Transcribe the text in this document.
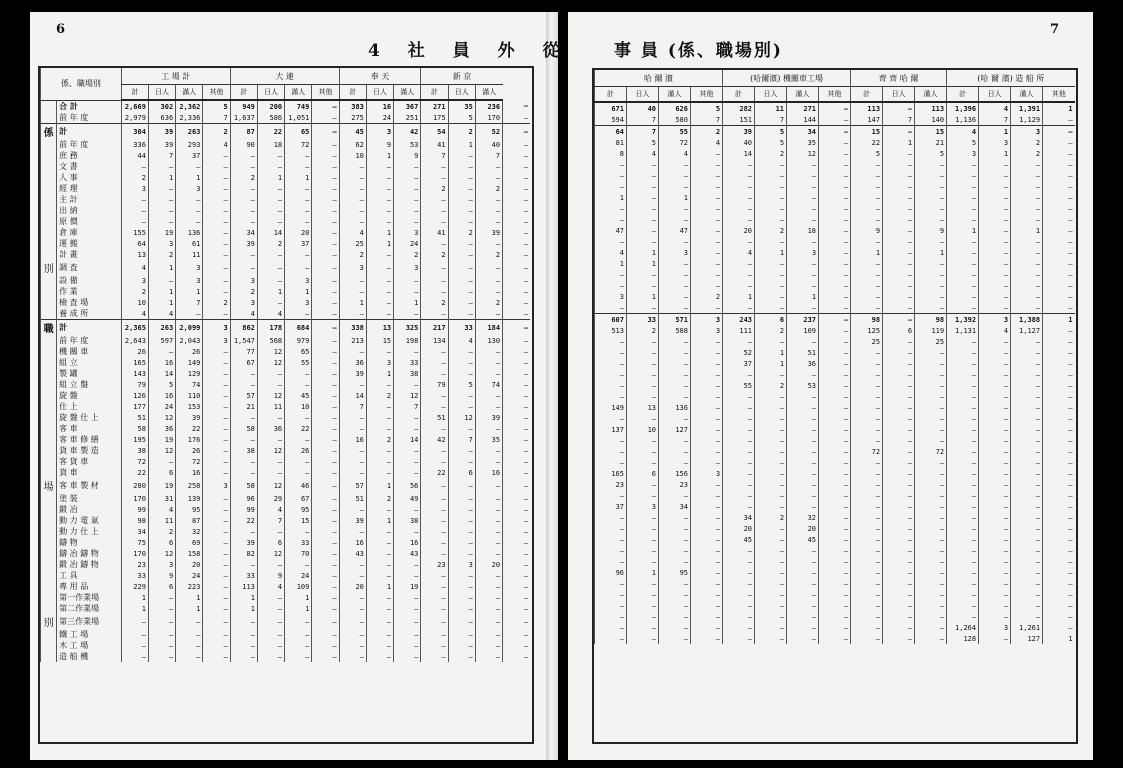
6
4 社 員 外 從
7
事 員 (係、職場別)
係、職場別		工 場 計				大 連				奉 天			新 京			
		計	日人	滿人	其他	計	日人	滿人	其他	計	日人	滿人	計	日人	滿人	
	合 計	2,669	302	2,362	5	949	200	749	—	383	16	367	271	35	236	—
	前 年 度	2,979	636	2,336	7	1,637	586	1,051	—	275	24	251	175	5	170	—
係	計	304	39	263	2	87	22	65	—	45	3	42	54	2	52	—
	前 年 度	336	39	293	4	90	18	72	—	62	9	53	41	1	40	—
	庶 務	44	7	37	—	—	—	—	—	10	1	9	7	—	7	—
	文 書	—	—	—	—	—	—	—	—	—	—	—	—	—	—	—
	人 事	2	1	1	—	2	1	1	—	—	—	—	—	—	—	—
	經 理	3	—	3	—	—	—	—	—	—	—	—	2	—	2	—
	主 計	—	—	—	—	—	—	—	—	—	—	—	—	—	—	—
	出 納	—	—	—	—	—	—	—	—	—	—	—	—	—	—	—
	原 價	—	—	—	—	—	—	—	—	—	—	—	—	—	—	—
	倉 庫	155	19	136	—	34	14	20	—	4	1	3	41	2	39	—
	運 搬	64	3	61	—	39	2	37	—	25	1	24	—	—	—	—
	計 畫	13	2	11	—	—	—	—	—	2	—	2	2	—	2	—
別	調 査	4	1	3	—	—	—	—	—	3	—	3	—	—	—	—
	設 備	3	—	3	—	3	—	3	—	—	—	—	—	—	—	—
	作 業	2	1	1	—	2	1	1	—	—	—	—	—	—	—	—
	檢 査 場	10	1	7	2	3	—	3	—	1	—	1	2	—	2	—
	養 成 所	4	4	—	—	4	4	—	—	—	—	—	—	—	—	—
職	計	2,365	263	2,099	3	862	178	684	—	338	13	325	217	33	184	—
	前 年 度	2,643	597	2,043	3	1,547	568	979	—	213	15	198	134	4	130	—
	機 關 車	26	—	26	—	77	12	65	—	—	—	—	—	—	—	—
	組 立	165	16	149	—	67	12	55	—	36	3	33	—	—	—	—
	製 罐	143	14	129	—	—	—	—	—	39	1	38	—	—	—	—
	組 立 盤	79	5	74	—	—	—	—	—	—	—	—	79	5	74	—
	旋 盤	126	16	110	—	57	12	45	—	14	2	12	—	—	—	—
	仕 上	177	24	153	—	21	11	10	—	7	—	7	—	—	—	—
	旋 盤 仕 上	51	12	39	—	—	—	—	—	—	—	—	51	12	39	—
	客 車	58	36	22	—	58	36	22	—	—	—	—	—	—	—	—
	客 車 修 繕	195	19	176	—	—	—	—	—	16	2	14	42	7	35	—
	貨 車 製 造	38	12	26	—	38	12	26	—	—	—	—	—	—	—	—
	客 貨 車	72	—	72	—	—	—	—	—	—	—	—	—	—	—	—
	貨 車	22	6	16	—	—	—	—	—	—	—	—	22	6	16	—
場	客 車 製 材	280	19	258	3	58	12	46	—	57	1	56	—	—	—	—
	塗 裝	170	31	139	—	96	29	67	—	51	2	49	—	—	—	—
	鍛 冶	99	4	95	—	99	4	95	—	—	—	—	—	—	—	—
	動 力 電 氣	98	11	87	—	22	7	15	—	39	1	38	—	—	—	—
	動 力 仕 上	34	2	32	—	—	—	—	—	—	—	—	—	—	—	—
	鑄 物	75	6	69	—	39	6	33	—	16	—	16	—	—	—	—
	鑄 冶 鑄 物	170	12	158	—	82	12	70	—	43	—	43	—	—	—	—
	鍛 冶 鑄 物	23	3	20	—	—	—	—	—	—	—	—	23	3	20	—
	工 具	33	9	24	—	33	9	24	—	—	—	—	—	—	—	—
	專 用 品	229	6	223	—	113	4	109	—	20	1	19	—	—	—	—
	第一作業場	1	—	1	—	1	—	1	—	—	—	—	—	—	—	—
	第二作業場	1	—	1	—	1	—	1	—	—	—	—	—	—	—	—
別	第三作業場	—	—	—	—	—	—	—	—	—	—	—	—	—	—	—
	鐵 工 場	—	—	—	—	—	—	—	—	—	—	—	—	—	—	—
	木 工 場	—	—	—	—	—	—	—	—	—	—	—	—	—	—	—
	造 船 機	—	—	—	—	—	—	—	—	—	—	—	—	—	—	—
哈 爾 濱				(哈爾濱) 機關車工場				齊 齊 哈 爾			(哈 爾 濱) 造 船 所			
計	日人	滿人	其他	計	日人	滿人	其他	計	日人	滿人	計	日人	滿人	其他
671	40	626	5	282	11	271	—	113	—	113	1,396	4	1,391	1
594	7	580	7	151	7	144	—	147	7	140	1,136	7	1,129	—
64	7	55	2	39	5	34	—	15	—	15	4	1	3	—
81	5	72	4	40	5	35	—	22	1	21	5	3	2	—
8	4	4	—	14	2	12	—	5	—	5	3	1	2	—
—	—	—	—	—	—	—	—	—	—	—	—	—	—	—
—	—	—	—	—	—	—	—	—	—	—	—	—	—	—
—	—	—	—	—	—	—	—	—	—	—	—	—	—	—
1	—	1	—	—	—	—	—	—	—	—	—	—	—	—
—	—	—	—	—	—	—	—	—	—	—	—	—	—	—
—	—	—	—	—	—	—	—	—	—	—	—	—	—	—
47	—	47	—	20	2	18	—	9	—	9	1	—	1	—
—	—	—	—	—	—	—	—	—	—	—	—	—	—	—
4	1	3	—	4	1	3	—	1	—	1	—	—	—	—
1	1	—	—	—	—	—	—	—	—	—	—	—	—	—
—	—	—	—	—	—	—	—	—	—	—	—	—	—	—
—	—	—	—	—	—	—	—	—	—	—	—	—	—	—
3	1	—	2	1	—	1	—	—	—	—	—	—	—	—
—	—	—	—	—	—	—	—	—	—	—	—	—	—	—
607	33	571	3	243	6	237	—	98	—	98	1,392	3	1,388	1
513	2	508	3	111	2	109	—	125	6	119	1,131	4	1,127	—
—	—	—	—	—	—	—	—	25	—	25	—	—	—	—
—	—	—	—	52	1	51	—	—	—	—	—	—	—	—
—	—	—	—	37	1	36	—	—	—	—	—	—	—	—
—	—	—	—	—	—	—	—	—	—	—	—	—	—	—
—	—	—	—	55	2	53	—	—	—	—	—	—	—	—
—	—	—	—	—	—	—	—	—	—	—	—	—	—	—
149	13	136	—	—	—	—	—	—	—	—	—	—	—	—
—	—	—	—	—	—	—	—	—	—	—	—	—	—	—
137	10	127	—	—	—	—	—	—	—	—	—	—	—	—
—	—	—	—	—	—	—	—	—	—	—	—	—	—	—
—	—	—	—	—	—	—	—	72	—	72	—	—	—	—
—	—	—	—	—	—	—	—	—	—	—	—	—	—	—
165	6	156	3	—	—	—	—	—	—	—	—	—	—	—
23	—	23	—	—	—	—	—	—	—	—	—	—	—	—
—	—	—	—	—	—	—	—	—	—	—	—	—	—	—
37	3	34	—	—	—	—	—	—	—	—	—	—	—	—
—	—	—	—	34	2	32	—	—	—	—	—	—	—	—
—	—	—	—	20	—	20	—	—	—	—	—	—	—	—
—	—	—	—	45	—	45	—	—	—	—	—	—	—	—
—	—	—	—	—	—	—	—	—	—	—	—	—	—	—
—	—	—	—	—	—	—	—	—	—	—	—	—	—	—
96	1	95	—	—	—	—	—	—	—	—	—	—	—	—
—	—	—	—	—	—	—	—	—	—	—	—	—	—	—
—	—	—	—	—	—	—	—	—	—	—	—	—	—	—
—	—	—	—	—	—	—	—	—	—	—	—	—	—	—
—	—	—	—	—	—	—	—	—	—	—	—	—	—	—
—	—	—	—	—	—	—	—	—	—	—	1,264	3	1,261	—
—	—	—	—	—	—	—	—	—	—	—	128	—	127	1
